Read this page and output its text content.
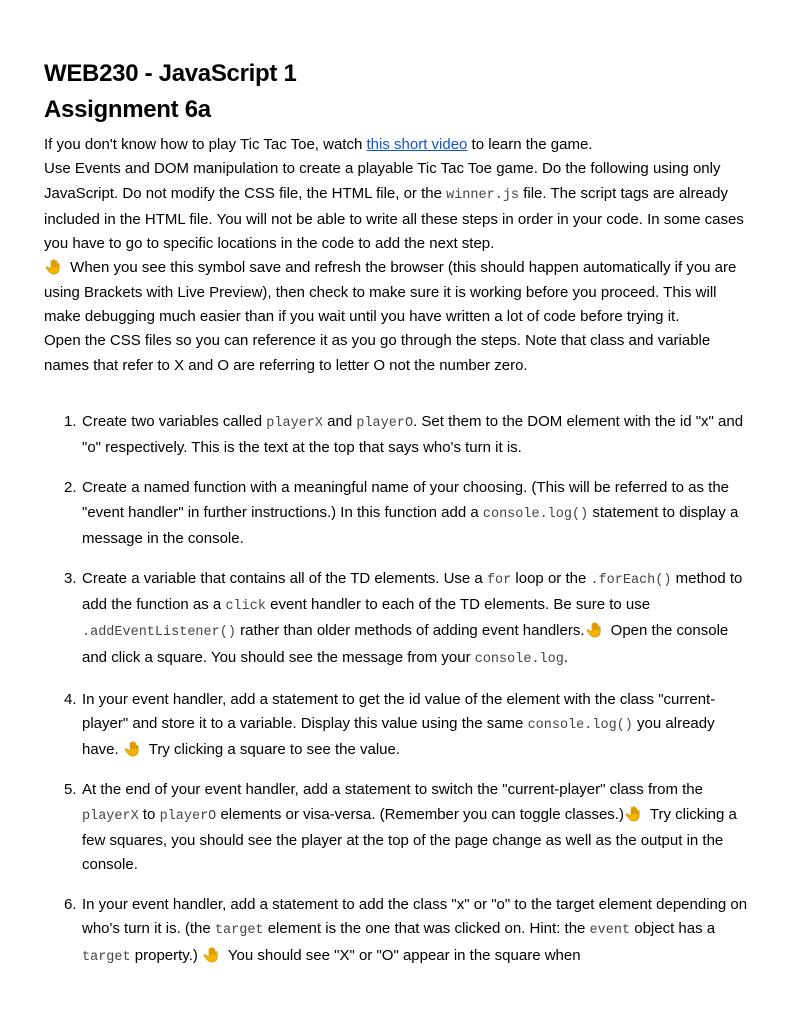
WEB230 - JavaScript 1
Assignment 6a

If you don't know how to play Tic Tac Toe, watch this short video to learn the game.

Use Events and DOM manipulation to create a playable Tic Tac Toe game. Do the following using only JavaScript. Do not modify the CSS file, the HTML file, or the winner.js file. The script tags are already included in the HTML file. You will not be able to write all these steps in order in your code. In some cases you have to go to specific locations in the code to add the next step.

When you see this symbol save and refresh the browser (this should happen automatically if you are using Brackets with Live Preview), then check to make sure it is working before you proceed. This will make debugging much easier than if you wait until you have written a lot of code before trying it.

Open the CSS files so you can reference it as you go through the steps. Note that class and variable names that refer to X and O are referring to letter O not the number zero.

1. Create two variables called playerX and playerO. Set them to the DOM element with the id "x" and "o" respectively. This is the text at the top that says who's turn it is.
2. Create a named function with a meaningful name of your choosing. (This will be referred to as the "event handler" in further instructions.) In this function add a console.log() statement to display a message in the console.
3. Create a variable that contains all of the TD elements. Use a for loop or the .forEach() method to add the function as a click event handler to each of the TD elements. Be sure to use .addEventListener() rather than older methods of adding event handlers.
Open the console and click a square. You should see the message from your console.log.
4. In your event handler, add a statement to get the id value of the element with the class "current-player" and store it to a variable. Display this value using the same console.log() you already have.
Try clicking a square to see the value.
5. At the end of your event handler, add a statement to switch the "current-player" class from the playerX to playerO elements or visa-versa. (Remember you can toggle classes.)
Try clicking a few squares, you should see the player at the top of the page change as well as the output in the console.
6. In your event handler, add a statement to add the class "x" or "o" to the target element depending on who's turn it is. (the target element is the one that was clicked on. Hint: the event object has a target property.)
You should see "X" or "O" appear in the square when
